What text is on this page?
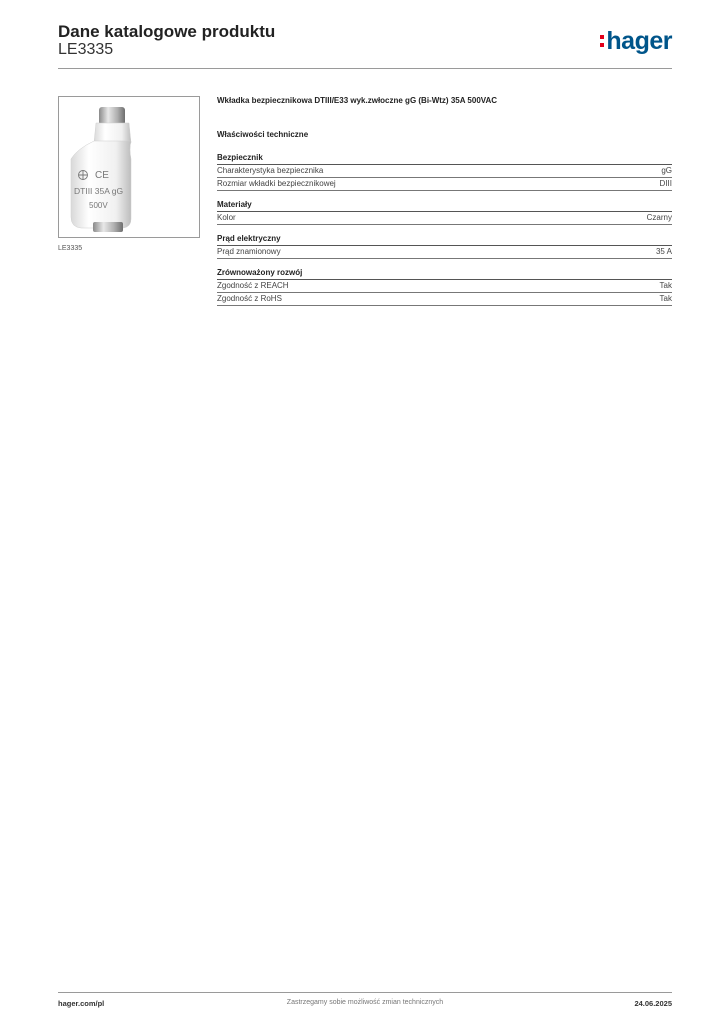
Dane katalogowe produktu
LE3335	hager
CE
DTIII 35A gG
500V
LE3335
Wkładka bezpiecznikowa DTIII/E33 wyk.zwłoczne gG (Bi-Wtz) 35A 500VAC
Właściwości techniczne
Bezpiecznik
Charakterystyka bezpiecznika	gG
Rozmiar wkładki bezpiecznikowej	DIII
Materiały
Kolor	Czarny
Prąd elektryczny
Prąd znamionowy	35 A
Zrównoważony rozwój
Zgodność z REACH	Tak
Zgodność z RoHS	Tak
hager.com/pl	Zastrzegamy sobie możliwość zmian technicznych	24.06.2025
